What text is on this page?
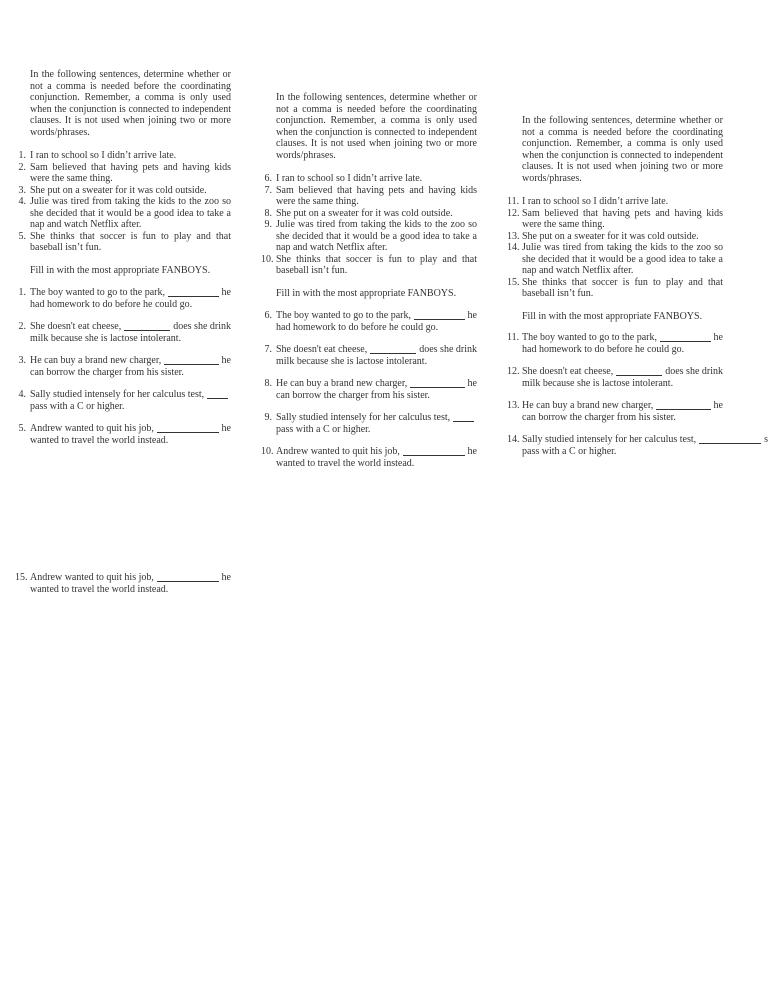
In the following sentences, determine whether or not a comma is needed before the coordinating conjunction. Remember, a comma is only used when the conjunction is connected to independent clauses. It is not used when joining two or more words/phrases.

1. I ran to school so I didn’t arrive late.
2. Sam believed that having pets and having kids were the same thing.
3. She put on a sweater for it was cold outside.
4. Julie was tired from taking the kids to the zoo so she decided that it would be a good idea to take a nap and watch Netflix after.
5. She thinks that soccer is fun to play and that baseball isn’t fun.

Fill in with the most appropriate FANBOYS.

1. The boy wanted to go to the park,	he
had homework to do before he could go.
2. She doesn't eat cheese,	does she drink
milk because she is lactose intolerant.
3. He can buy a brand new charger,	he
can borrow the charger from his sister.
4. Sally studied intensely for her calculus test,
pass with a C or higher.
5. Andrew wanted to quit his job,	he
wanted to travel the world instead.
15. Andrew wanted to quit his job,	he
wanted to travel the world instead.

In the following sentences, determine whether or not a comma is needed before the coordinating conjunction. Remember, a comma is only used when the conjunction is connected to independent clauses. It is not used when joining two or more words/phrases.

6. I ran to school so I didn’t arrive late.
7. Sam believed that having pets and having kids were the same thing.
8. She put on a sweater for it was cold outside.
9. Julie was tired from taking the kids to the zoo so she decided that it would be a good idea to take a nap and watch Netflix after.
10. She thinks that soccer is fun to play and that baseball isn’t fun.

Fill in with the most appropriate FANBOYS.

6. The boy wanted to go to the park,	he
had homework to do before he could go.
7. She doesn't eat cheese,	does she drink
milk because she is lactose intolerant.
8. He can buy a brand new charger,	he
can borrow the charger from his sister.
9. Sally studied intensely for her calculus test,
pass with a C or higher.
10. Andrew wanted to quit his job,	he
wanted to travel the world instead.

In the following sentences, determine whether or not a comma is needed before the coordinating conjunction. Remember, a comma is only used when the conjunction is connected to independent clauses. It is not used when joining two or more words/phrases.

11. I ran to school so I didn’t arrive late.
12. Sam believed that having pets and having kids were the same thing.
13. She put on a sweater for it was cold outside.
14. Julie was tired from taking the kids to the zoo so she decided that it would be a good idea to take a nap and watch Netflix after.
15. She thinks that soccer is fun to play and that baseball isn’t fun.

Fill in with the most appropriate FANBOYS.

11. The boy wanted to go to the park,	he
had homework to do before he could go.
12. She doesn't eat cheese,	does she drink
milk because she is lactose intolerant.
13. He can buy a brand new charger,	he
can borrow the charger from his sister.
14. Sally studied intensely for her calculus test,	s
pass with a C or higher.
